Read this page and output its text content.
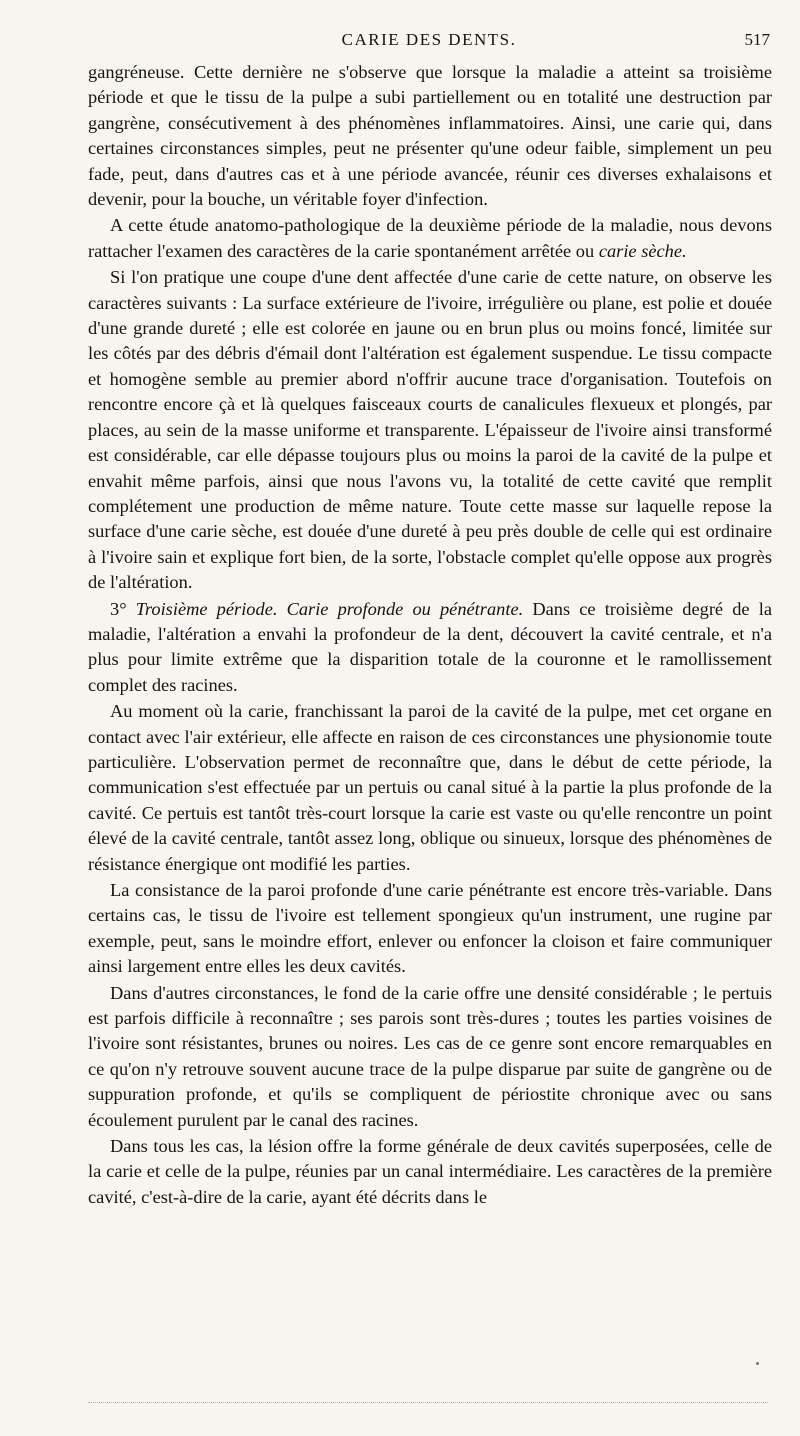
CARIE DES DENTS.	517

gangréneuse. Cette dernière ne s'observe que lorsque la maladie a atteint sa troisième période et que le tissu de la pulpe a subi partiellement ou en totalité une destruction par gangrène, consécutivement à des phénomènes inflammatoires. Ainsi, une carie qui, dans certaines circonstances simples, peut ne présenter qu'une odeur faible, simplement un peu fade, peut, dans d'autres cas et à une période avancée, réunir ces diverses exhalaisons et devenir, pour la bouche, un véritable foyer d'infection.

A cette étude anatomo-pathologique de la deuxième période de la maladie, nous devons rattacher l'examen des caractères de la carie spontanément arrêtée ou carie sèche.

Si l'on pratique une coupe d'une dent affectée d'une carie de cette nature, on observe les caractères suivants : La surface extérieure de l'ivoire, irrégulière ou plane, est polie et douée d'une grande dureté ; elle est colorée en jaune ou en brun plus ou moins foncé, limitée sur les côtés par des débris d'émail dont l'altération est également suspendue. Le tissu compacte et homogène semble au premier abord n'offrir aucune trace d'organisation. Toutefois on rencontre encore çà et là quelques faisceaux courts de canalicules flexueux et plongés, par places, au sein de la masse uniforme et transparente. L'épaisseur de l'ivoire ainsi transformé est considérable, car elle dépasse toujours plus ou moins la paroi de la cavité de la pulpe et envahit même parfois, ainsi que nous l'avons vu, la totalité de cette cavité que remplit complétement une production de même nature. Toute cette masse sur laquelle repose la surface d'une carie sèche, est douée d'une dureté à peu près double de celle qui est ordinaire à l'ivoire sain et explique fort bien, de la sorte, l'obstacle complet qu'elle oppose aux progrès de l'altération.

3° Troisième période. Carie profonde ou pénétrante. Dans ce troisième degré de la maladie, l'altération a envahi la profondeur de la dent, découvert la cavité centrale, et n'a plus pour limite extrême que la disparition totale de la couronne et le ramollissement complet des racines.

Au moment où la carie, franchissant la paroi de la cavité de la pulpe, met cet organe en contact avec l'air extérieur, elle affecte en raison de ces circonstances une physionomie toute particulière. L'observation permet de reconnaître que, dans le début de cette période, la communication s'est effectuée par un pertuis ou canal situé à la partie la plus profonde de la cavité. Ce pertuis est tantôt très-court lorsque la carie est vaste ou qu'elle rencontre un point élevé de la cavité centrale, tantôt assez long, oblique ou sinueux, lorsque des phénomènes de résistance énergique ont modifié les parties.

La consistance de la paroi profonde d'une carie pénétrante est encore très-variable. Dans certains cas, le tissu de l'ivoire est tellement spongieux qu'un instrument, une rugine par exemple, peut, sans le moindre effort, enlever ou enfoncer la cloison et faire communiquer ainsi largement entre elles les deux cavités.

Dans d'autres circonstances, le fond de la carie offre une densité considérable ; le pertuis est parfois difficile à reconnaître ; ses parois sont très-dures ; toutes les parties voisines de l'ivoire sont résistantes, brunes ou noires. Les cas de ce genre sont encore remarquables en ce qu'on n'y retrouve souvent aucune trace de la pulpe disparue par suite de gangrène ou de suppuration profonde, et qu'ils se compliquent de périostite chronique avec ou sans écoulement purulent par le canal des racines.

Dans tous les cas, la lésion offre la forme générale de deux cavités superposées, celle de la carie et celle de la pulpe, réunies par un canal intermédiaire. Les caractères de la première cavité, c'est-à-dire de la carie, ayant été décrits dans le
